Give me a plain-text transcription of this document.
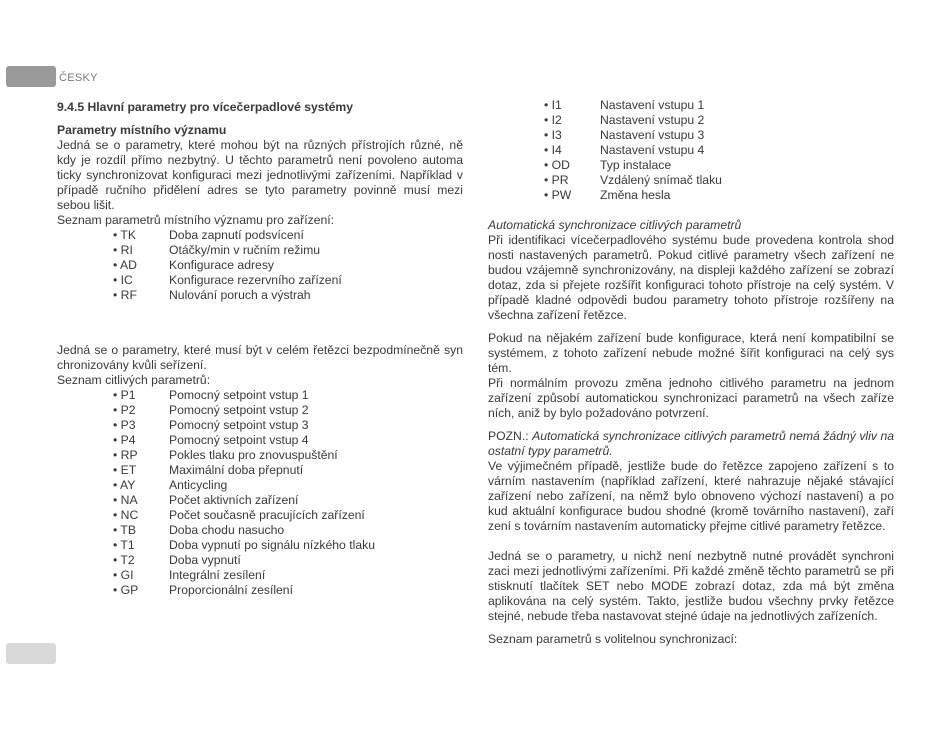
ČESKY

9.4.5 Hlavní parametry pro vícečerpadlové systémy

Parametry místního významu

Jedná se o parametry, které mohou být na různých přístrojích různé, ně kdy je rozdíl přímo nezbytný. U těchto parametrů není povoleno automa ticky synchronizovat konfiguraci mezi jednotlivými zařízeními. Například v případě ručního přidělení adres se tyto parametry povinně musí mezi sebou lišit.

Seznam parametrů místního významu pro zařízení:

• TK	Doba zapnutí podsvícení
• RI	Otáčky/min v ručním režimu
• AD	Konfigurace adresy
• IC	Konfigurace rezervního zařízení
• RF	Nulování poruch a výstrah

Jedná se o parametry, které musí být v celém řetězci bezpodmínečně syn chronizovány kvůli seřízení.

Seznam citlivých parametrů:

• P1	Pomocný setpoint vstup 1
• P2	Pomocný setpoint vstup 2
• P3	Pomocný setpoint vstup 3
• P4	Pomocný setpoint vstup 4
• RP	Pokles tlaku pro znovuspuštění
• ET	Maximální doba přepnutí
• AY	Anticycling
• NA	Počet aktivních zařízení
• NC	Počet současně pracujících zařízení
• TB	Doba chodu nasucho
• T1	Doba vypnutí po signálu nízkého tlaku
• T2	Doba vypnutí
• GI	Integrální zesílení
• GP	Proporcionální zesílení
• I1	Nastavení vstupu 1
• I2	Nastavení vstupu 2
• I3	Nastavení vstupu 3
• I4	Nastavení vstupu 4
• OD	Typ instalace
• PR	Vzdálený snímač tlaku
• PW	Změna hesla

Automatická synchronizace citlivých parametrů

Při identifikaci vícečerpadlového systému bude provedena kontrola shod nosti nastavených parametrů. Pokud citlivé parametry všech zařízení ne budou vzájemně synchronizovány, na displeji každého zařízení se zobrazí dotaz, zda si přejete rozšířit konfiguraci tohoto přístroje na celý systém. V případě kladné odpovědi budou parametry tohoto přístroje rozšířeny na všechna zařízení řetězce.

Pokud na nějakém zařízení bude konfigurace, která není kompatibilní se systémem, z tohoto zařízení nebude možné šířit konfiguraci na celý sys tém.

Při normálním provozu změna jednoho citlivého parametru na jednom zařízení způsobí automatickou synchronizaci parametrů na všech zaříze ních, aniž by bylo požadováno potvrzení.

POZN.: Automatická synchronizace citlivých parametrů nemá žádný vliv na ostatní typy parametrů.

Ve výjimečném případě, jestliže bude do řetězce zapojeno zařízení s to várním nastavením (například zařízení, které nahrazuje nějaké stávající zařízení nebo zařízení, na němž bylo obnoveno výchozí nastavení) a po kud aktuální konfigurace budou shodné (kromě továrního nastavení), zaří zení s továrním nastavením automaticky přejme citlivé parametry řetězce.

Jedná se o parametry, u nichž není nezbytně nutné provádět synchroni zaci mezi jednotlivými zařízeními. Při každé změně těchto parametrů se při stisknutí tlačítek SET nebo MODE zobrazí dotaz, zda má být změna aplikována na celý systém. Takto, jestliže budou všechny prvky řetězce stejné, nebude třeba nastavovat stejné údaje na jednotlivých zařízeních.

Seznam parametrů s volitelnou synchronizací:
